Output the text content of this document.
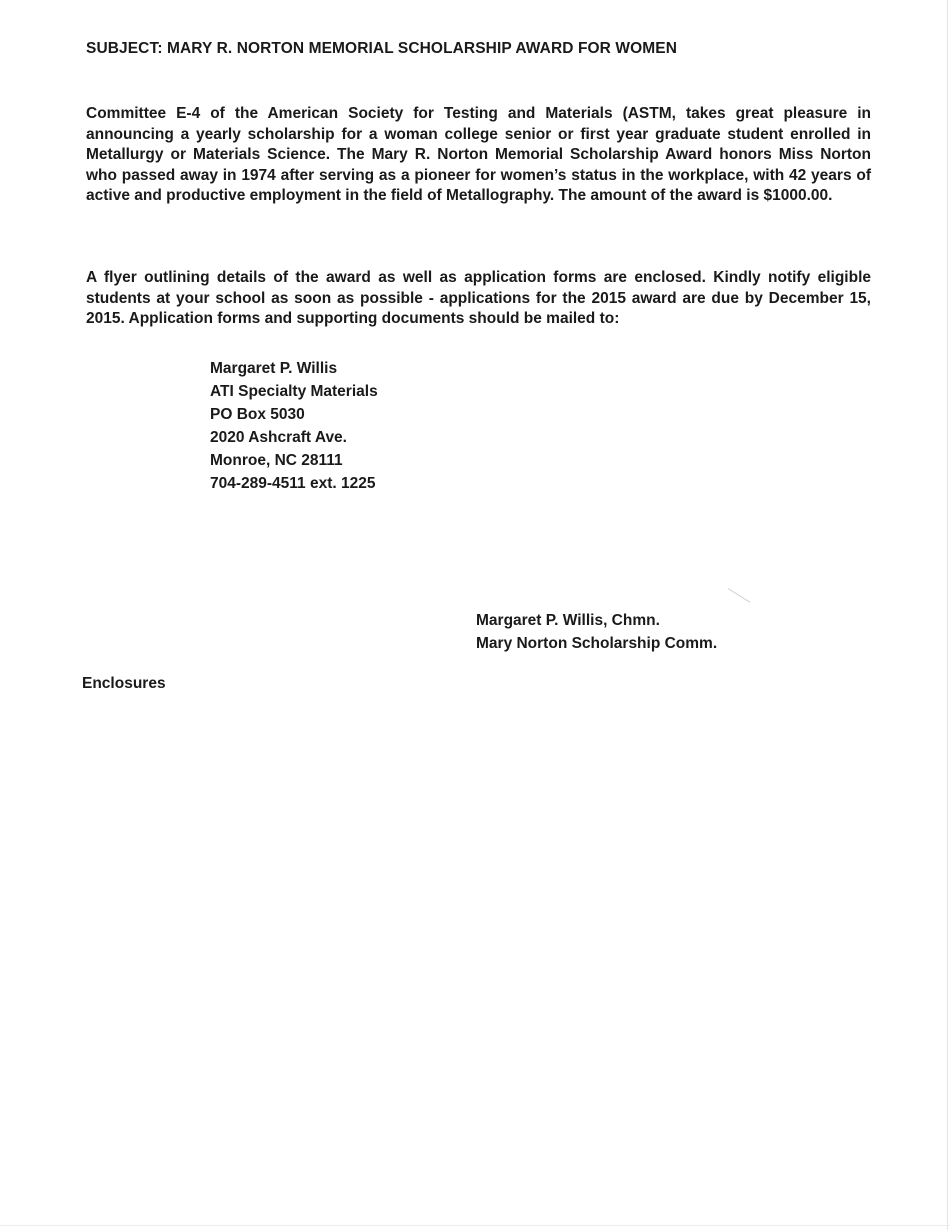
SUBJECT: MARY R. NORTON MEMORIAL SCHOLARSHIP AWARD FOR WOMEN

Committee E-4 of the American Society for Testing and Materials (ASTM, takes great pleasure in announcing a yearly scholarship for a woman college senior or first year graduate student enrolled in Metallurgy or Materials Science. The Mary R. Norton Memorial Scholarship Award honors Miss Norton who passed away in 1974 after serving as a pioneer for women’s status in the workplace, with 42 years of active and productive employment in the field of Metallography. The amount of the award is $1000.00.

A flyer outlining details of the award as well as application forms are enclosed. Kindly notify eligible students at your school as soon as possible - applications for the 2015 award are due by December 15, 2015. Application forms and supporting documents should be mailed to:

Margaret P. Willis
ATI Specialty Materials
PO Box 5030
2020 Ashcraft Ave.
Monroe, NC 28111
704-289-4511 ext. 1225
Margaret P. Willis, Chmn.
Mary Norton Scholarship Comm.
Enclosures
